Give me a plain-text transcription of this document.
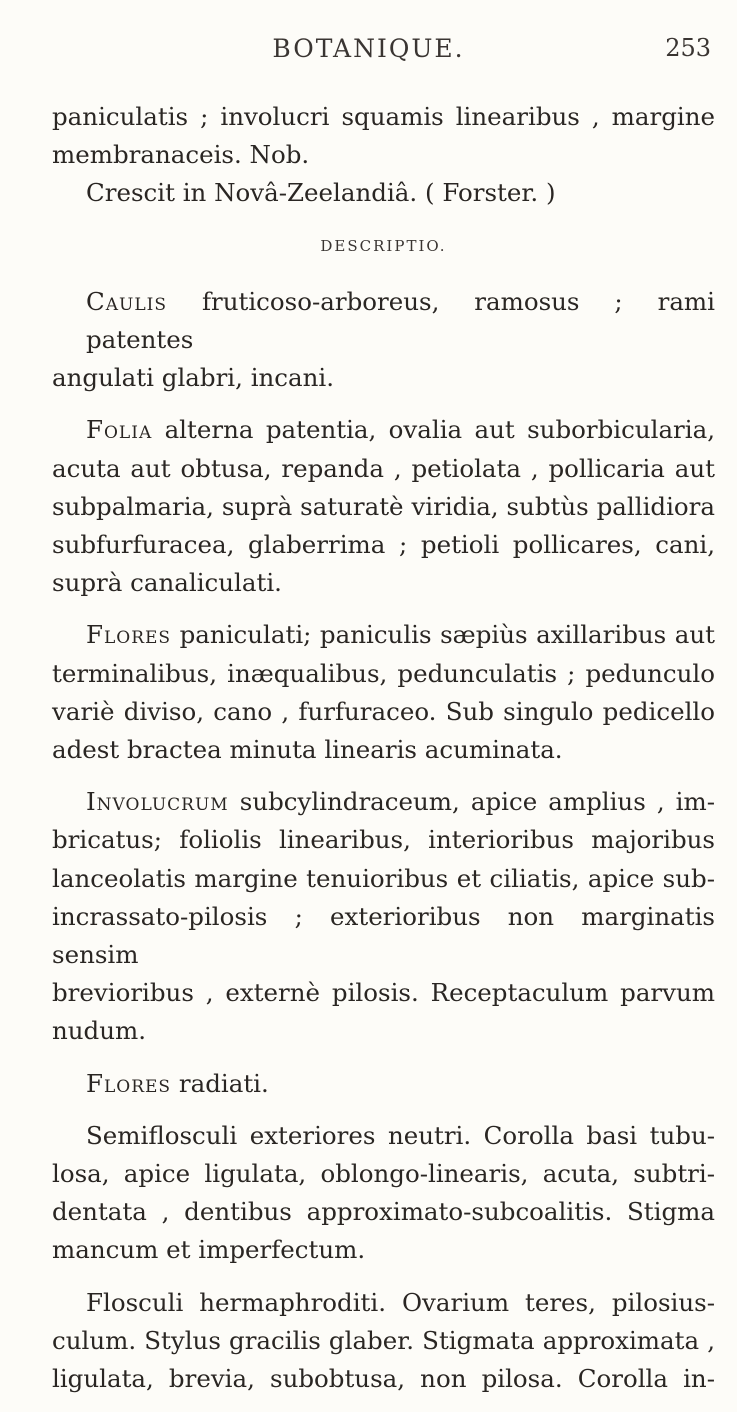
BOTANIQUE.	253

paniculatis ; involucri squamis linearibus , margine
membranaceis. Nob.
Crescit in Novâ-Zeelandiâ. ( Forster. )

DESCRIPTIO.

Caulis fruticoso-arboreus, ramosus ; rami patentes
angulati glabri, incani.

Folia alterna patentia, ovalia aut suborbicularia,
acuta aut obtusa, repanda , petiolata , pollicaria aut
subpalmaria, suprà saturatè viridia, subtùs pallidiora
subfurfuracea, glaberrima ; petioli pollicares, cani,
suprà canaliculati.

Flores paniculati; paniculis sæpiùs axillaribus aut
terminalibus, inæqualibus, pedunculatis ; pedunculo
variè diviso, cano , furfuraceo. Sub singulo pedicello
adest bractea minuta linearis acuminata.

Involucrum subcylindraceum, apice amplius , im-
bricatus; foliolis linearibus, interioribus majoribus
lanceolatis margine tenuioribus et ciliatis, apice sub-
incrassato-pilosis ; exterioribus non marginatis sensim
brevioribus , externè pilosis. Receptaculum parvum
nudum.

Flores radiati.

Semiflosculi exteriores neutri. Corolla basi tubu-
losa, apice ligulata, oblongo-linearis, acuta, subtri-
dentata , dentibus approximato-subcoalitis. Stigma
mancum et imperfectum.

Flosculi hermaphroditi. Ovarium teres, pilosius-
culum. Stylus gracilis glaber. Stigmata approximata ,
ligulata, brevia, subobtusa, non pilosa. Corolla in-
